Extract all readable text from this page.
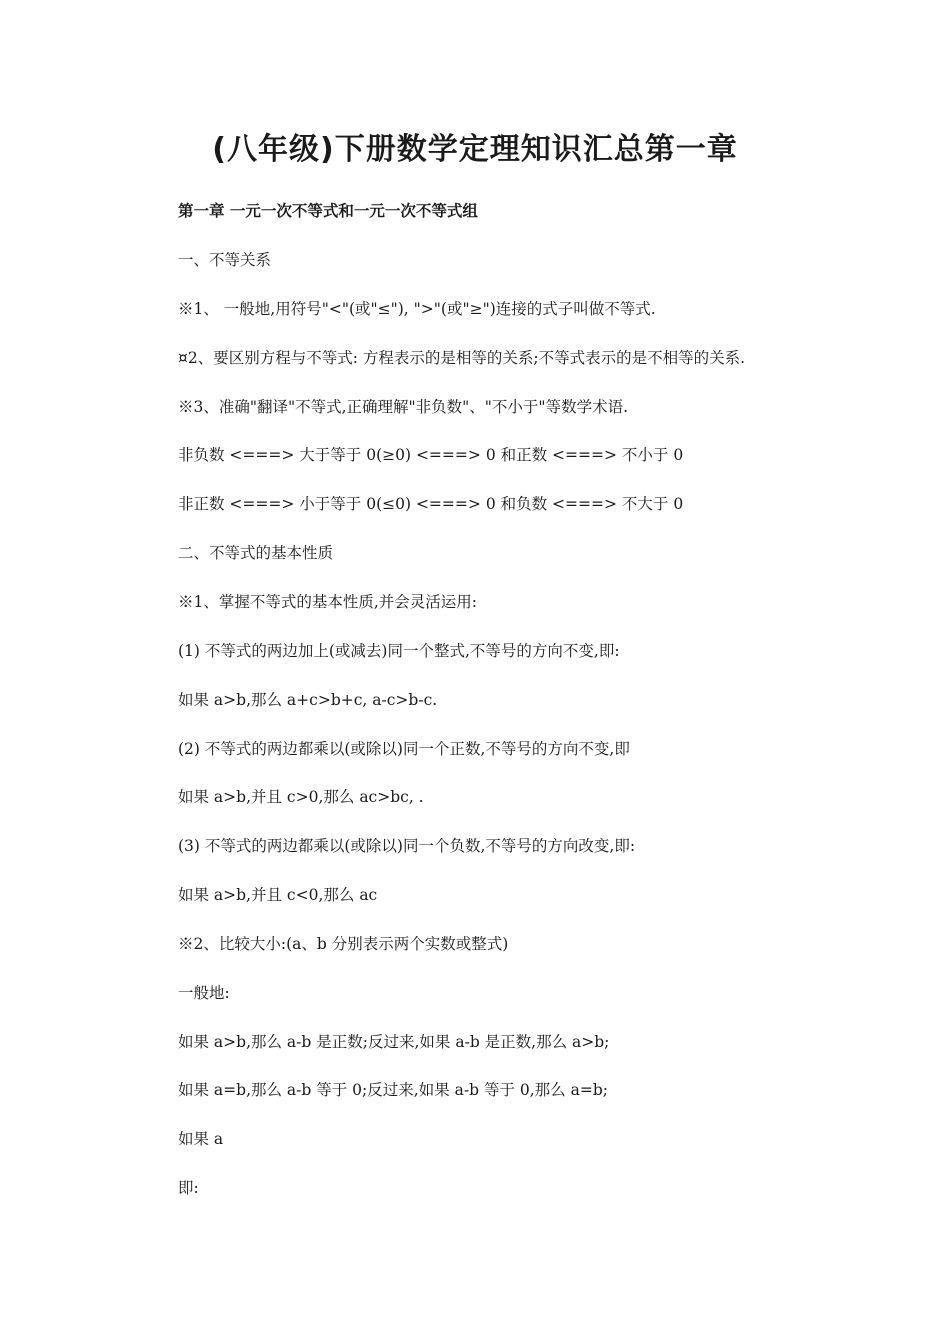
(八年级)下册数学定理知识汇总第一章
第一章 一元一次不等式和一元一次不等式组
一、不等关系
※1、 一般地,用符号"<"(或"≤"), ">"(或"≥")连接的式子叫做不等式.
¤2、要区别方程与不等式: 方程表示的是相等的关系;不等式表示的是不相等的关系.
※3、准确"翻译"不等式,正确理解"非负数"、"不小于"等数学术语.
非负数 <===> 大于等于 0(≥0) <===> 0 和正数 <===> 不小于 0
非正数 <===> 小于等于 0(≤0) <===> 0 和负数 <===> 不大于 0
二、不等式的基本性质
※1、掌握不等式的基本性质,并会灵活运用:
(1) 不等式的两边加上(或减去)同一个整式,不等号的方向不变,即:
如果 a>b,那么 a+c>b+c, a-c>b-c.
(2) 不等式的两边都乘以(或除以)同一个正数,不等号的方向不变,即
如果 a>b,并且 c>0,那么 ac>bc, .
(3) 不等式的两边都乘以(或除以)同一个负数,不等号的方向改变,即:
如果 a>b,并且 c<0,那么 ac
※2、比较大小:(a、b 分别表示两个实数或整式)
一般地:
如果 a>b,那么 a-b 是正数;反过来,如果 a-b 是正数,那么 a>b;
如果 a=b,那么 a-b 等于 0;反过来,如果 a-b 等于 0,那么 a=b;
如果 a
即:
